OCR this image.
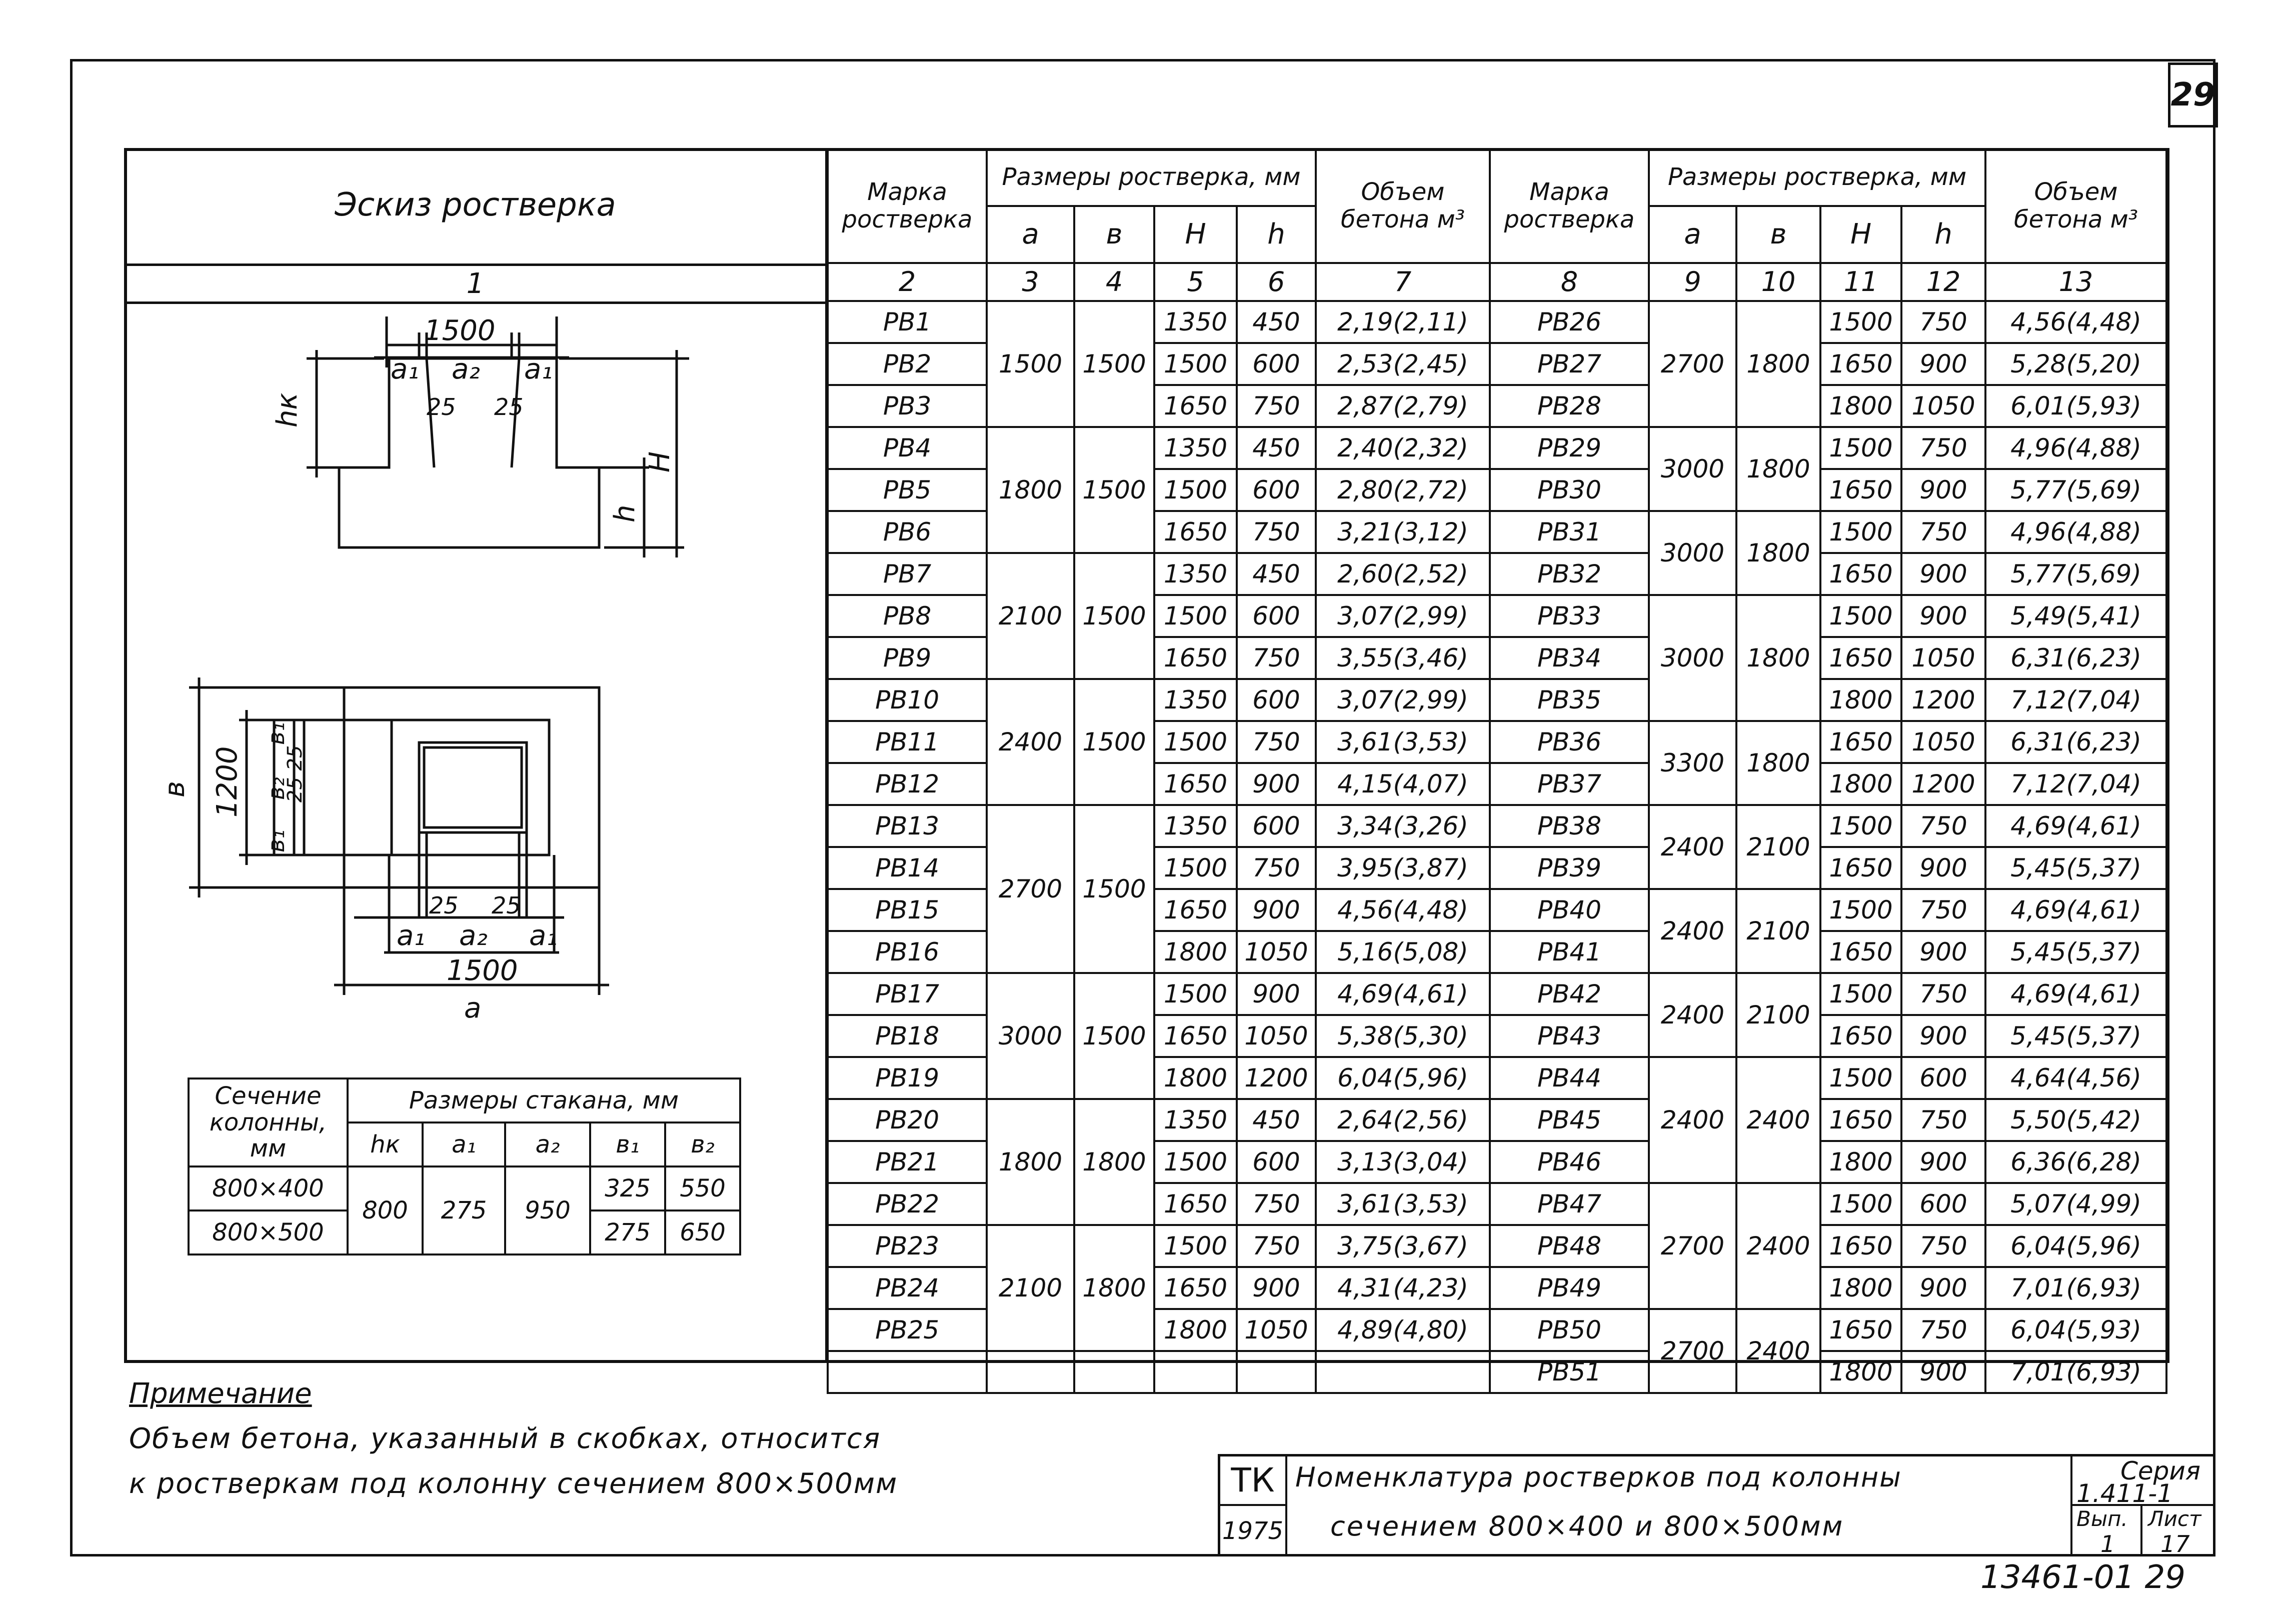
29
Эскиз ростверка
1
Марка ростверка	Размеры ростверка, мм				Объем бетона м³	Марка ростверка	Размеры ростверка, мм				Объем бетона м³
	a	в	H	h			a	в	H	h	
2	3	4	5	6	7	8	9	10	11	12	13
РВ1	1500	1500	1350	450	2,19(2,11)	РВ26	2700	1800	1500	750	4,56(4,48)
РВ2			1500	600	2,53(2,45)	РВ27			1650	900	5,28(5,20)
РВ3			1650	750	2,87(2,79)	РВ28			1800	1050	6,01(5,93)
РВ4	1800	1500	1350	450	2,40(2,32)	РВ29	3000	1800	1500	750	4,96(4,88)
РВ5			1500	600	2,80(2,72)	РВ30			1650	900	5,77(5,69)
РВ6			1650	750	3,21(3,12)	РВ31	3000	1800	1500	750	4,96(4,88)
РВ7	2100	1500	1350	450	2,60(2,52)	РВ32			1650	900	5,77(5,69)
РВ8			1500	600	3,07(2,99)	РВ33	3000	1800	1500	900	5,49(5,41)
РВ9			1650	750	3,55(3,46)	РВ34			1650	1050	6,31(6,23)
РВ10	2400	1500	1350	600	3,07(2,99)	РВ35			1800	1200	7,12(7,04)
РВ11			1500	750	3,61(3,53)	РВ36	3300	1800	1650	1050	6,31(6,23)
РВ12			1650	900	4,15(4,07)	РВ37			1800	1200	7,12(7,04)
РВ13	2700	1500	1350	600	3,34(3,26)	РВ38	2400	2100	1500	750	4,69(4,61)
РВ14			1500	750	3,95(3,87)	РВ39			1650	900	5,45(5,37)
РВ15			1650	900	4,56(4,48)	РВ40	2400	2100	1500	750	4,69(4,61)
РВ16			1800	1050	5,16(5,08)	РВ41			1650	900	5,45(5,37)
РВ17	3000	1500	1500	900	4,69(4,61)	РВ42	2400	2100	1500	750	4,69(4,61)
РВ18			1650	1050	5,38(5,30)	РВ43			1650	900	5,45(5,37)
РВ19			1800	1200	6,04(5,96)	РВ44	2400	2400	1500	600	4,64(4,56)
РВ20	1800	1800	1350	450	2,64(2,56)	РВ45			1650	750	5,50(5,42)
РВ21			1500	600	3,13(3,04)	РВ46			1800	900	6,36(6,28)
РВ22			1650	750	3,61(3,53)	РВ47	2700	2400	1500	600	5,07(4,99)
РВ23	2100	1800	1500	750	3,75(3,67)	РВ48			1650	750	6,04(5,96)
РВ24			1650	900	4,31(4,23)	РВ49			1800	900	7,01(6,93)
РВ25			1800	1050	4,89(4,80)	РВ50	2700	2400	1650	750	6,04(5,93)
						РВ51			1800	900	7,01(6,93)
1500
a₁ a₂ a₁
25 25
hк
h
H
в 1200
в₁
в₂
в₁
25 25
25 25
a₁ a₂ a₁
1500
a
Сечение колонны, мм	Размеры стакана, мм				
	hк	a₁	a₂	в₁	в₂
800×400	800	275	950	325	550
800×500				275	650
Примечание
Объем бетона, указанный в скобках, относится
к ростверкам под колонну сечением 800×500мм	ТК
1975
Номенклатура ростверков под колонны
сечением 800×400 и 800×500мм
Серия
1.411-1
Вып.
1
Лист
17
13461-01 29
